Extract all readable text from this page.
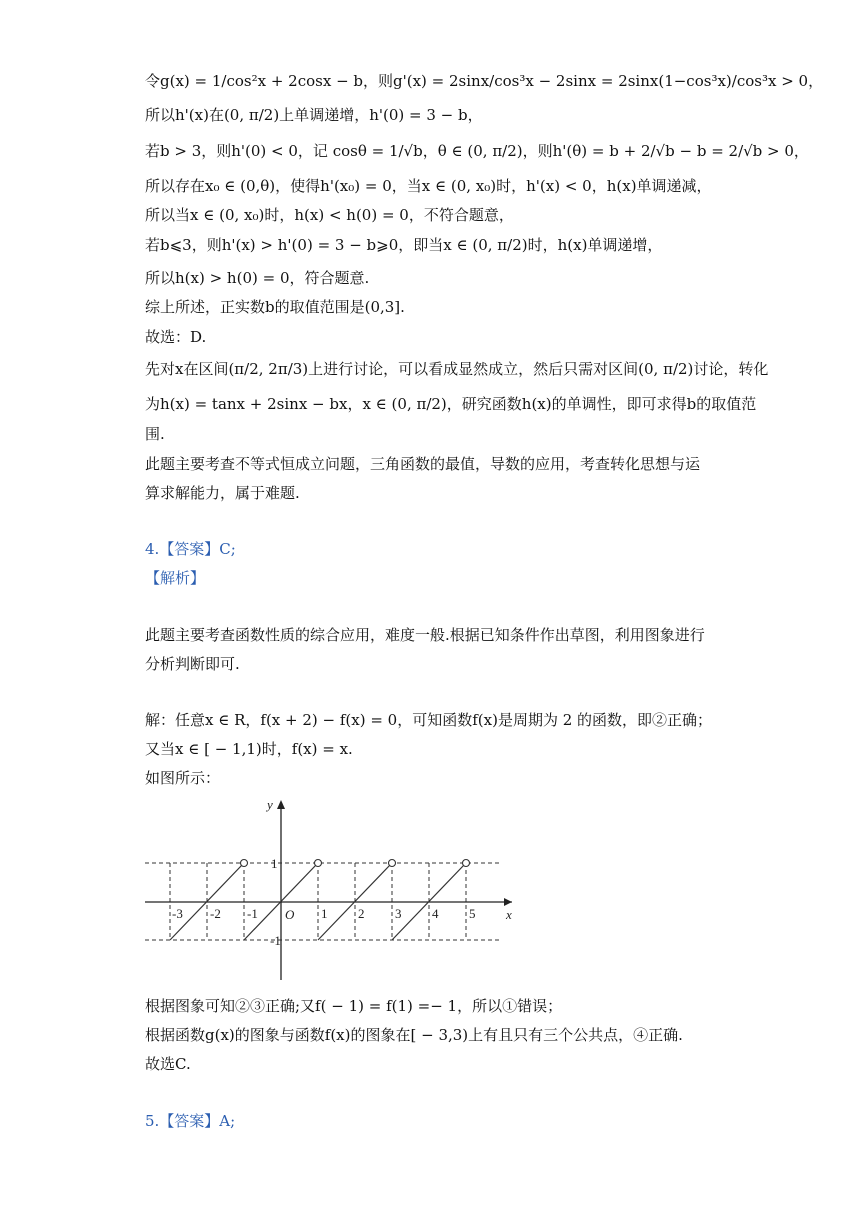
令g(x) = 1/cos²x + 2cosx − b，则g'(x) = 2sinx/cos³x − 2sinx = 2sinx(1−cos³x)/cos³x > 0，
所以h'(x)在(0, π/2)上单调递增，h'(0) = 3 − b，
若b > 3，则h'(0) < 0，记 cosθ = 1/√b，θ ∈ (0, π/2)，则h'(θ) = b + 2/√b − b = 2/√b > 0，
所以存在x₀ ∈ (0,θ)，使得h'(x₀) = 0，当x ∈ (0, x₀)时，h'(x) < 0，h(x)单调递减，
所以当x ∈ (0, x₀)时，h(x) < h(0) = 0，不符合题意，
若b⩽3，则h'(x) > h'(0) = 3 − b⩾0，即当x ∈ (0, π/2)时，h(x)单调递增，
所以h(x) > h(0) = 0，符合题意.
综上所述，正实数b的取值范围是(0,3].
故选：D.
先对x在区间(π/2, 2π/3)上进行讨论，可以看成显然成立，然后只需对区间(0, π/2)讨论，转化
为h(x) = tanx + 2sinx − bx，x ∈ (0, π/2)，研究函数h(x)的单调性，即可求得b的取值范
围.
此题主要考查不等式恒成立问题，三角函数的最值，导数的应用，考查转化思想与运
算求解能力，属于难题.
4.【答案】C;
【解析】
此题主要考查函数性质的综合应用，难度一般.根据已知条件作出草图，利用图象进行
分析判断即可.
解：任意x ∈ R，f(x + 2) − f(x) = 0，可知函数f(x)是周期为 2 的函数，即②正确；
又当x ∈ [ − 1,1)时，f(x) = x.
如图所示：
y
x
O
-3 -2 -1	1 2 3 4 5
1
-1
根据图象可知②③正确;又f( − 1) = f(1) =− 1，所以①错误；
根据函数g(x)的图象与函数f(x)的图象在[ − 3,3)上有且只有三个公共点，④正确.
故选C.
5.【答案】A;
